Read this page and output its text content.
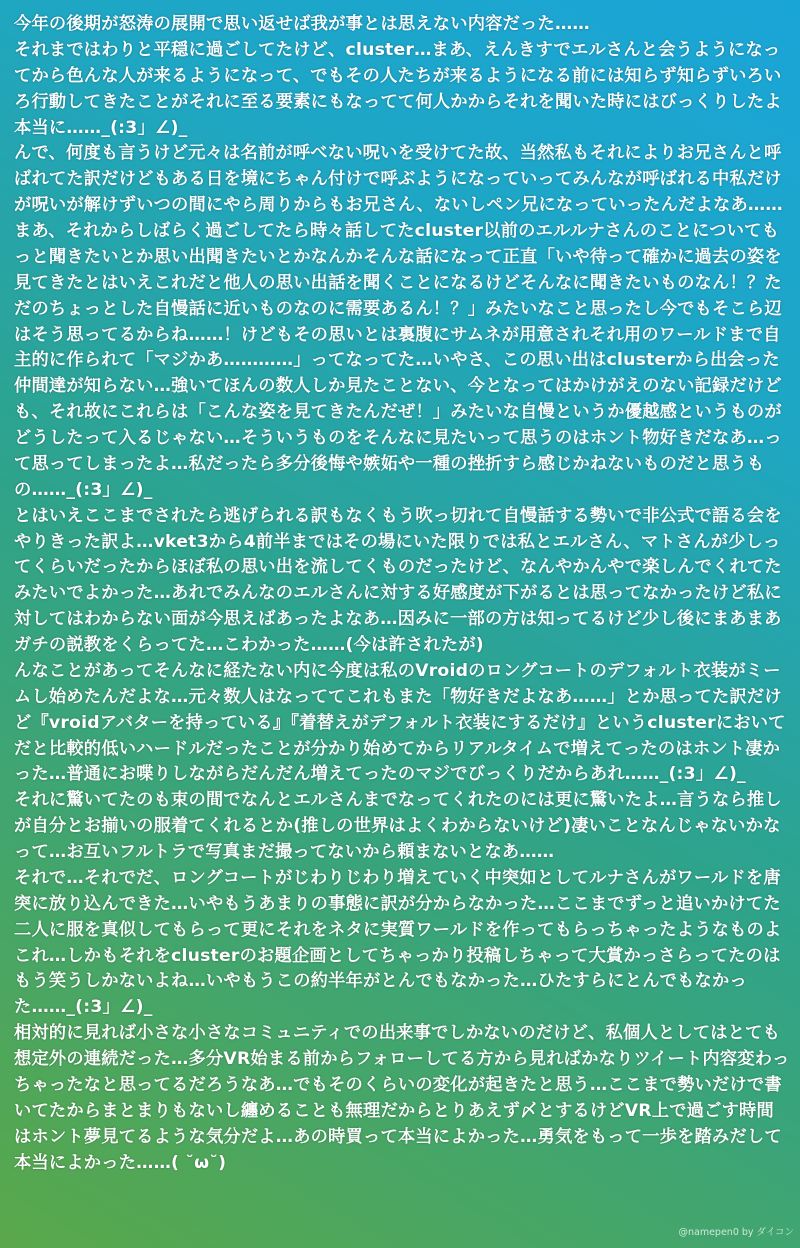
今年の後期が怒涛の展開で思い返せば我が事とは思えない内容だった……

それまではわりと平穏に過ごしてたけど、cluster…まあ、えんきすでエルさんと会うようになってから色んな人が来るようになって、でもその人たちが来るようになる前には知らず知らずいろいろ行動してきたことがそれに至る要素にもなってて何人かからそれを聞いた時にはびっくりしたよ本当に……_(:3」∠)_

んで、何度も言うけど元々は名前が呼べない呪いを受けてた故、当然私もそれによりお兄さんと呼ばれてた訳だけどもある日を境にちゃん付けで呼ぶようになっていってみんなが呼ばれる中私だけが呪いが解けずいつの間にやら周りからもお兄さん、ないしペン兄になっていったんだよなあ……

まあ、それからしばらく過ごしてたら時々話してたcluster以前のエルルナさんのことについてもっと聞きたいとか思い出聞きたいとかなんかそんな話になって正直「いや待って確かに過去の姿を見てきたとはいえこれだと他人の思い出話を聞くことになるけどそんなに聞きたいものなん！？ただのちょっとした自慢話に近いものなのに需要あるん！？」みたいなこと思ったし今でもそこら辺はそう思ってるからね……！けどもその思いとは裏腹にサムネが用意されそれ用のワールドまで自主的に作られて「マジかあ…………」ってなってた…いやさ、この思い出はclusterから出会った仲間達が知らない…強いてほんの数人しか見たことない、今となってはかけがえのない記録だけども、それ故にこれらは「こんな姿を見てきたんだぜ！」みたいな自慢というか優越感というものがどうしたって入るじゃない…そういうものをそんなに見たいって思うのはホント物好きだなあ…って思ってしまったよ…私だったら多分後悔や嫉妬や一種の挫折すら感じかねないものだと思うもの……_(:3」∠)_

とはいえここまでされたら逃げられる訳もなくもう吹っ切れて自慢話する勢いで非公式で語る会をやりきった訳よ…vket3から4前半まではその場にいた限りでは私とエルさん、マトさんが少しってくらいだったからほぼ私の思い出を流してくものだったけど、なんやかんやで楽しんでくれてたみたいでよかった…あれでみんなのエルさんに対する好感度が下がるとは思ってなかったけど私に対してはわからない面が今思えばあったよなあ…因みに一部の方は知ってるけど少し後にまあまあガチの説教をくらってた…こわかった……(今は許されたが)

んなことがあってそんなに経たない内に今度は私のVroidのロングコートのデフォルト衣装がミームし始めたんだよな…元々数人はなっててこれもまた「物好きだよなあ……」とか思ってた訳だけど『vroidアバターを持っている』『着替えがデフォルト衣装にするだけ』というclusterにおいてだと比較的低いハードルだったことが分かり始めてからリアルタイムで増えてったのはホント凄かった…普通にお喋りしながらだんだん増えてったのマジでびっくりだからあれ……_(:3」∠)_

それに驚いてたのも束の間でなんとエルさんまでなってくれたのには更に驚いたよ…言うなら推しが自分とお揃いの服着てくれるとか(推しの世界はよくわからないけど)凄いことなんじゃないかなって…お互いフルトラで写真まだ撮ってないから頼まないとなあ……

それで…それでだ、ロングコートがじわりじわり増えていく中突如としてルナさんがワールドを唐突に放り込んできた…いやもうあまりの事態に訳が分からなかった…ここまでずっと追いかけてた二人に服を真似してもらって更にそれをネタに実質ワールドを作ってもらっちゃったようなものよこれ…しかもそれをclusterのお題企画としてちゃっかり投稿しちゃって大賞かっさらってたのはもう笑うしかないよね…いやもうこの約半年がとんでもなかった…ひたすらにとんでもなかった……_(:3」∠)_

相対的に見れば小さな小さなコミュニティでの出来事でしかないのだけど、私個人としてはとても想定外の連続だった…多分VR始まる前からフォローしてる方から見ればかなりツイート内容変わっちゃったなと思ってるだろうなあ…でもそのくらいの変化が起きたと思う…ここまで勢いだけで書いてたからまとまりもないし纏めることも無理だからとりあえず〆とするけどVR上で過ごす時間はホント夢見てるような気分だよ…あの時買って本当によかった…勇気をもって一歩を踏みだして本当によかった……( ˘ω˘)

@namepen0 by ダイコン
